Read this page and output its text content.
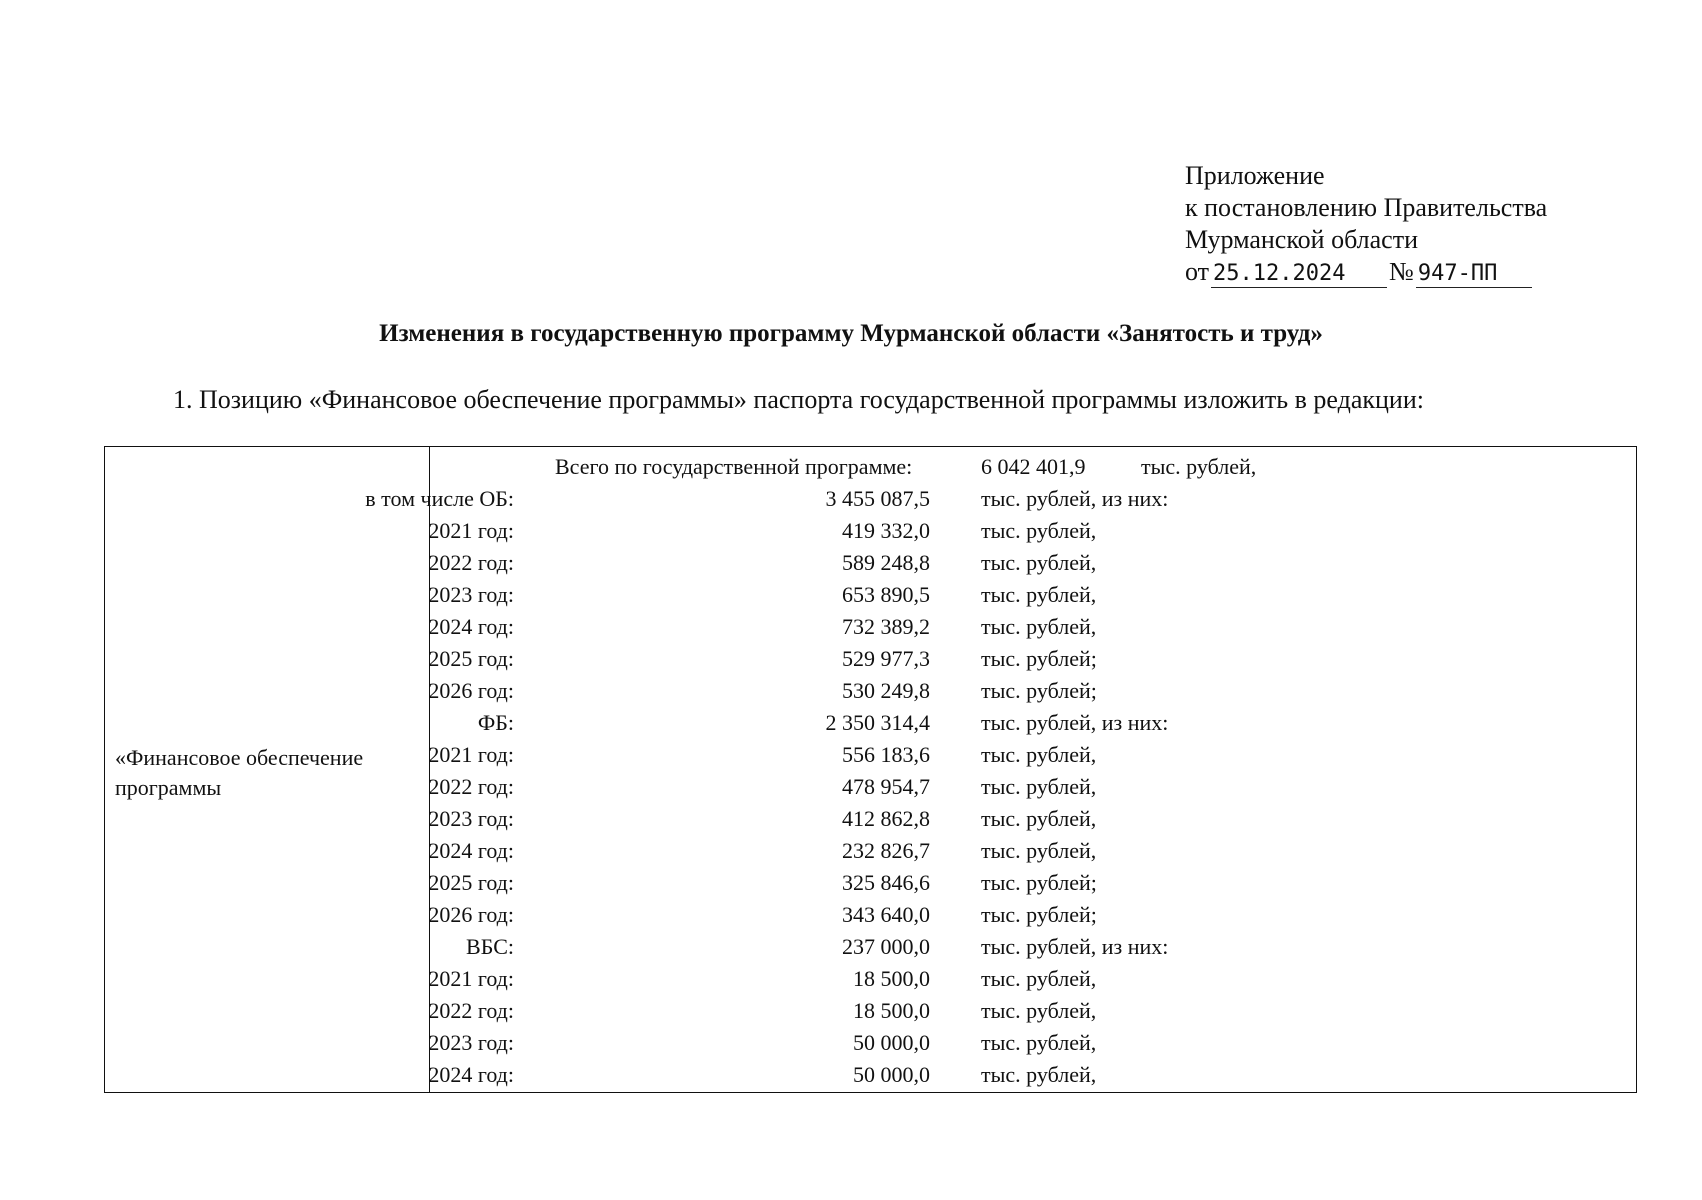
Приложение
к постановлению Правительства
Мурманской области
от 25.12.2024	№ 947-ПП
Изменения в государственную программу Мурманской области «Занятость и труд»
1. Позицию «Финансовое обеспечение программы» паспорта государственной программы изложить в редакции:
«Финансовое обеспечение программы
Всего по государственной программе:	6 042 401,9	тыс. рублей,
в том числе ОБ:	3 455 087,5 тыс. рублей, из них:
2021 год:	419 332,0 тыс. рублей,
2022 год:	589 248,8 тыс. рублей,
2023 год:	653 890,5 тыс. рублей,
2024 год:	732 389,2 тыс. рублей,
2025 год:	529 977,3 тыс. рублей;
2026 год:	530 249,8 тыс. рублей;
ФБ:	2 350 314,4 тыс. рублей, из них:
2021 год:	556 183,6 тыс. рублей,
2022 год:	478 954,7 тыс. рублей,
2023 год:	412 862,8 тыс. рублей,
2024 год:	232 826,7 тыс. рублей,
2025 год:	325 846,6 тыс. рублей;
2026 год:	343 640,0 тыс. рублей;
ВБС:	237 000,0 тыс. рублей, из них:
2021 год:	18 500,0 тыс. рублей,
2022 год:	18 500,0 тыс. рублей,
2023 год:	50 000,0 тыс. рублей,
2024 год:	50 000,0 тыс. рублей,
